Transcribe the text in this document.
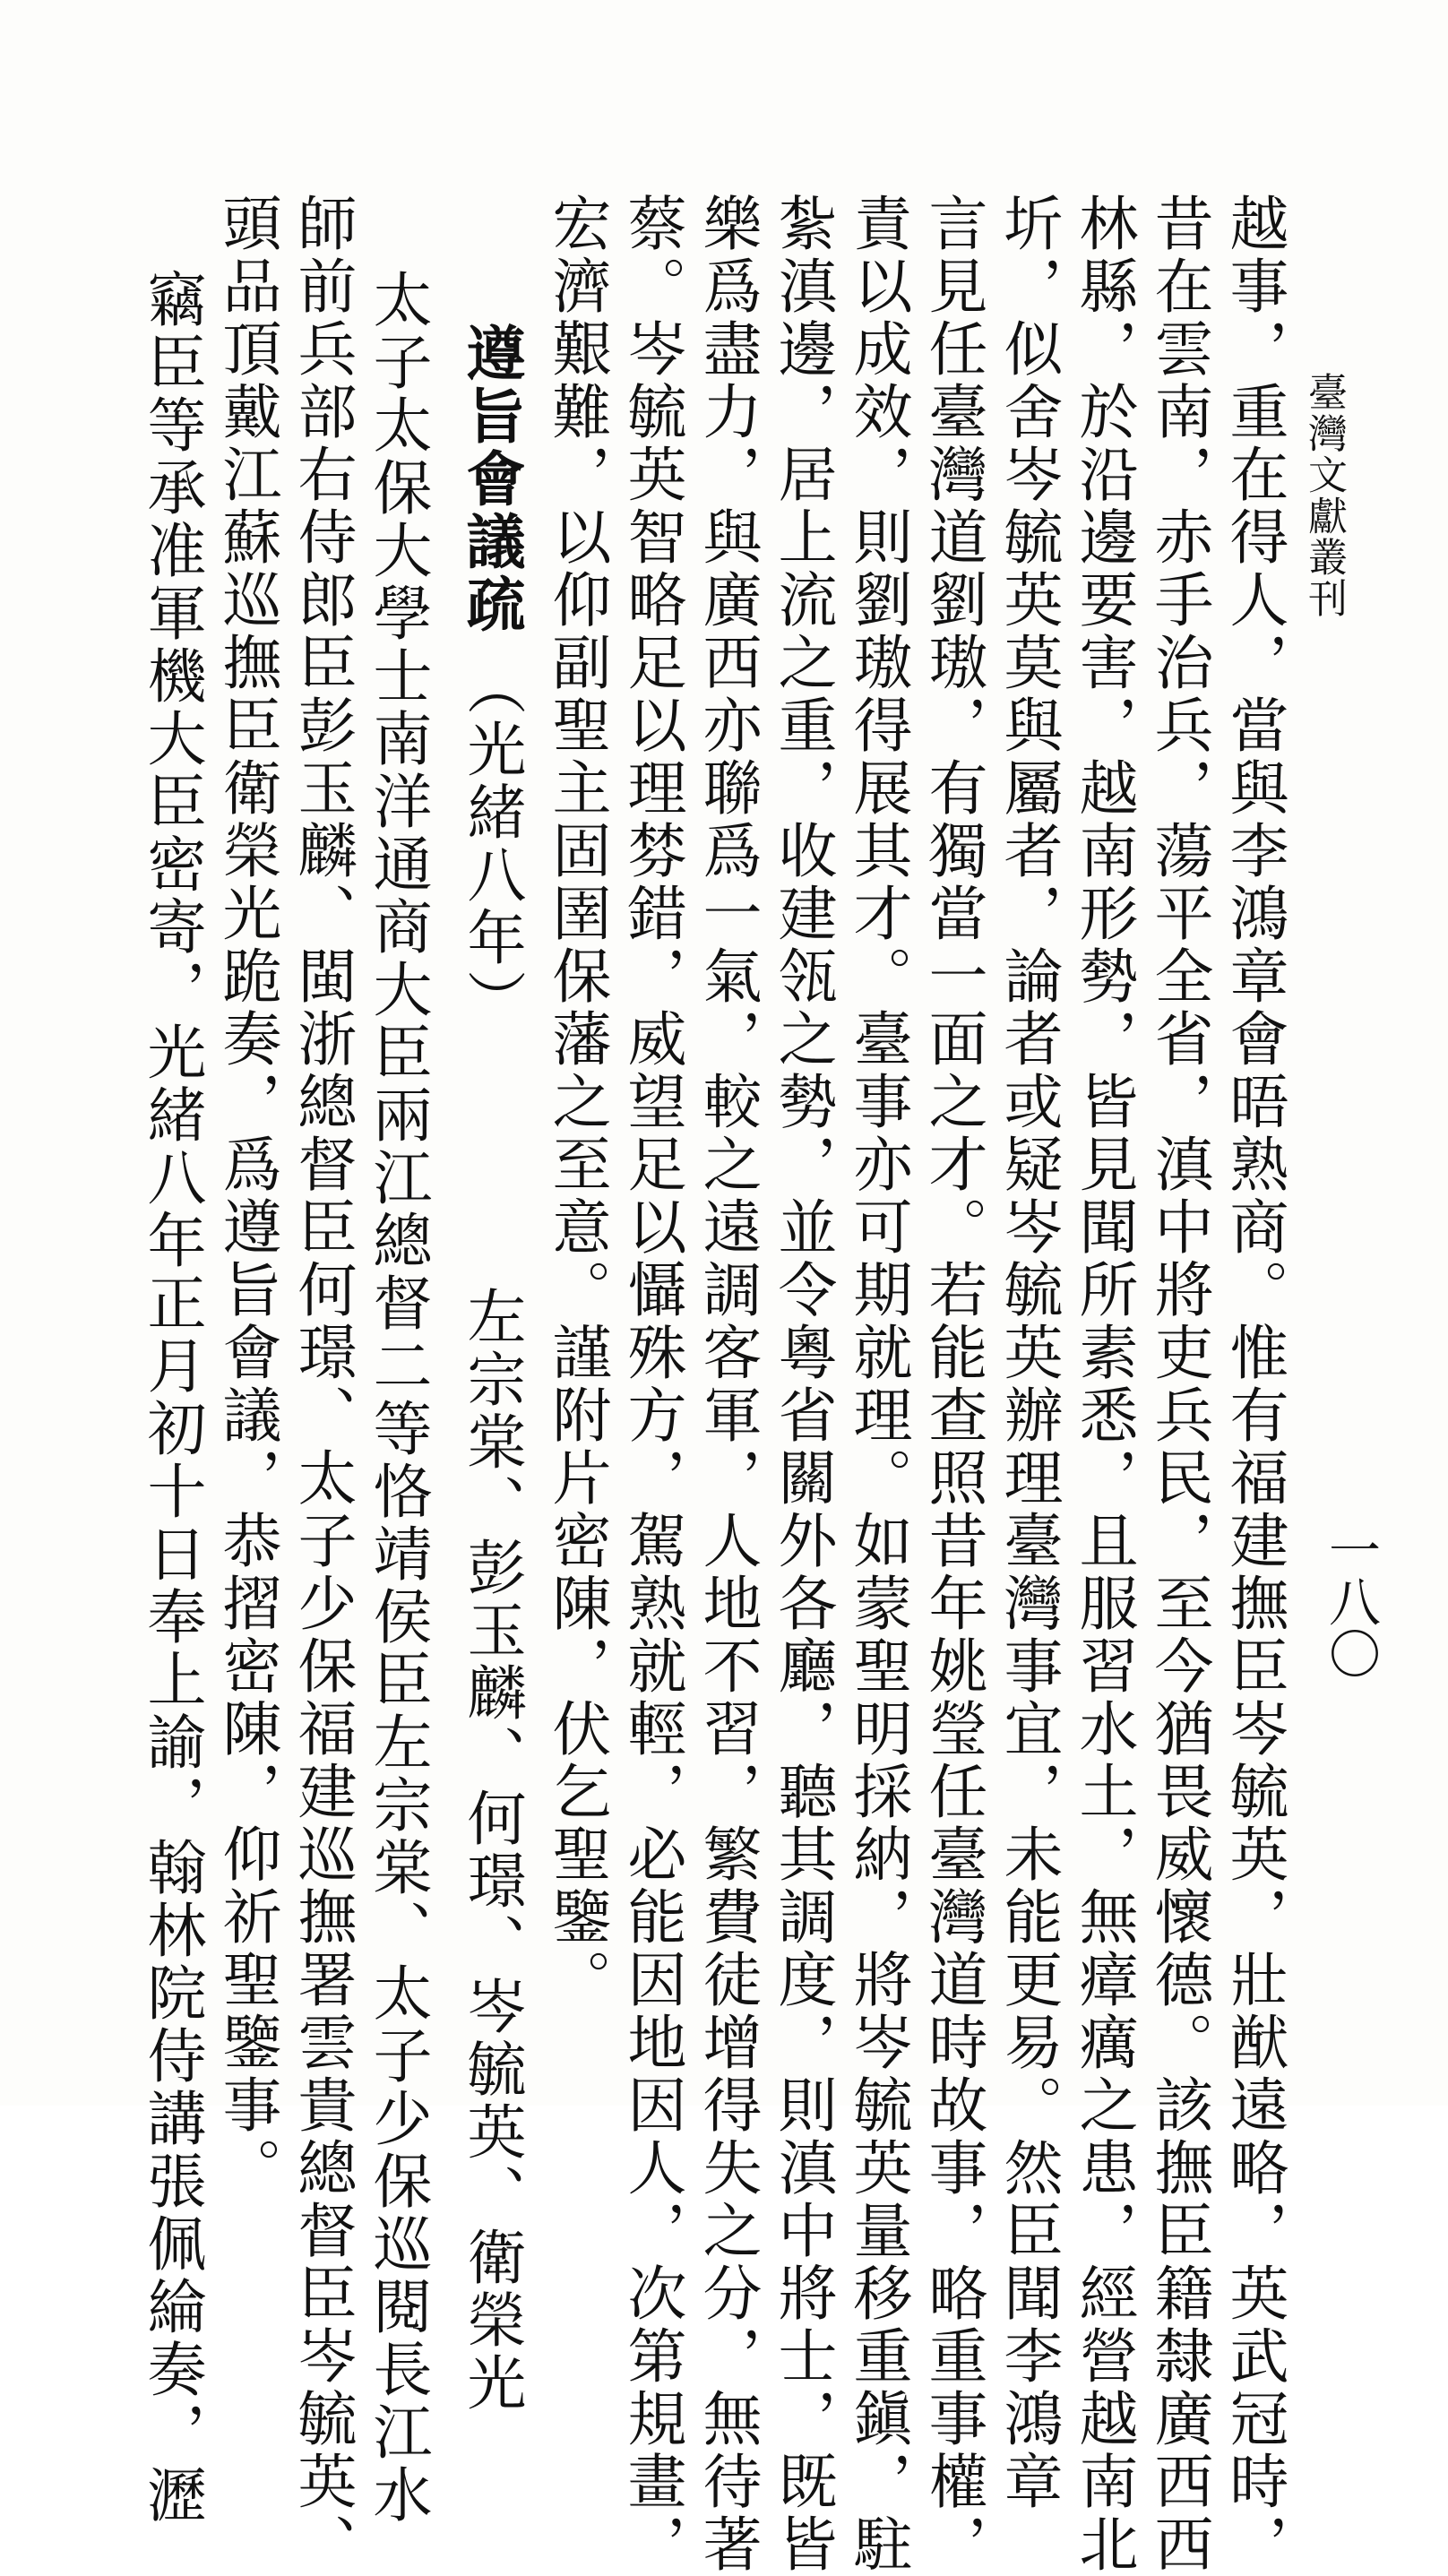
臺灣文獻叢刊
一八〇
越事，重在得人，當與李鴻章會晤熟商。惟有福建撫臣岑毓英，壯猷遠略，英武冠時，
昔在雲南，赤手治兵，蕩平全省，滇中將吏兵民，至今猶畏威懷德。該撫臣籍隸廣西西
林縣，於沿邊要害，越南形勢，皆見聞所素悉，且服習水土，無瘴癘之患，經營越南北
圻，似舍岑毓英莫與屬者，論者或疑岑毓英辦理臺灣事宜，未能更易。然臣聞李鴻章
言見任臺灣道劉璈，有獨當一面之才。若能查照昔年姚瑩任臺灣道時故事，略重事權，
責以成效，則劉璈得展其才。臺事亦可期就理。如蒙聖明採納，將岑毓英量移重鎭，駐
紮滇邊，居上流之重，收建瓴之勢，並令粵省關外各廳，聽其調度，則滇中將士，既皆
樂爲盡力，與廣西亦聯爲一氣，較之遠調客軍，人地不習，繁費徒增得失之分，無待著
蔡。岑毓英智略足以理棼錯，威望足以懾殊方，駕熟就輕，必能因地因人，次第規畫，
宏濟艱難，以仰副聖主固圉保藩之至意。謹附片密陳，伏乞聖鑒。
遵旨會議疏（光緒八年）
左宗棠、彭玉麟、何璟、岑毓英、衛榮光
太子太保大學士南洋通商大臣兩江總督二等恪靖侯臣左宗棠、太子少保巡閱長江水
師前兵部右侍郎臣彭玉麟、閩浙總督臣何璟、太子少保福建巡撫署雲貴總督臣岑毓英、
頭品頂戴江蘇巡撫臣衛榮光跪奏，爲遵旨會議，恭摺密陳，仰祈聖鑒事。
竊臣等承准軍機大臣密寄，光緒八年正月初十日奉上諭，翰林院侍講張佩綸奏，瀝
